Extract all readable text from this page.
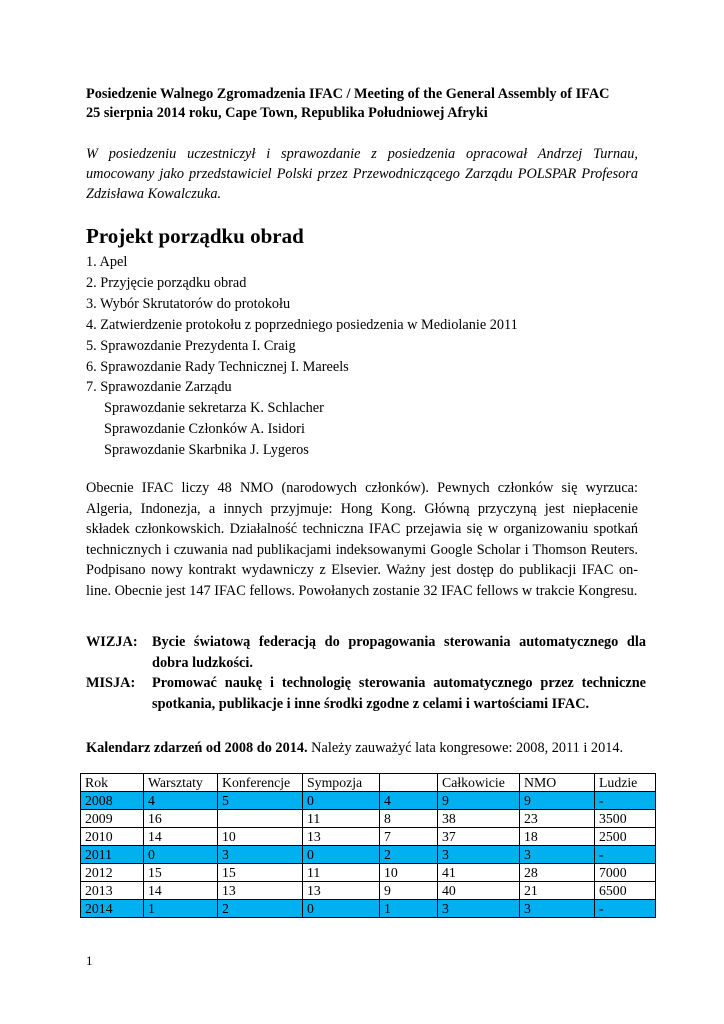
Posiedzenie Walnego Zgromadzenia IFAC / Meeting of the General Assembly of IFAC
25 sierpnia 2014 roku, Cape Town, Republika Południowej Afryki
W posiedzeniu uczestniczył i sprawozdanie z posiedzenia opracował Andrzej Turnau, umocowany jako przedstawiciel Polski przez Przewodniczącego Zarządu POLSPAR Profesora Zdzisława Kowalczuka.
Projekt porządku obrad
1. Apel
2. Przyjęcie porządku obrad
3. Wybór Skrutatorów do protokołu
4. Zatwierdzenie protokołu z poprzedniego posiedzenia w Mediolanie 2011
5. Sprawozdanie Prezydenta I. Craig
6. Sprawozdanie Rady Technicznej I. Mareels
7. Sprawozdanie Zarządu
Sprawozdanie sekretarza K. Schlacher
Sprawozdanie Członków A. Isidori
Sprawozdanie Skarbnika J. Lygeros

Obecnie IFAC liczy 48 NMO (narodowych członków). Pewnych członków się wyrzuca: Algeria, Indonezja, a innych przyjmuje: Hong Kong. Główną przyczyną jest niepłacenie składek członkowskich. Działalność techniczna IFAC przejawia się w organizowaniu spotkań technicznych i czuwania nad publikacjami indeksowanymi Google Scholar i Thomson Reuters. Podpisano nowy kontrakt wydawniczy z Elsevier. Ważny jest dostęp do publikacji IFAC on-line. Obecnie jest 147 IFAC fellows. Powołanych zostanie 32 IFAC fellows w trakcie Kongresu.

WIZJA:	Bycie światową federacją do propagowania sterowania automatycznego dla dobra ludzkości.
MISJA:	Promować naukę i technologię sterowania automatycznego przez techniczne spotkania, publikacje i inne środki zgodne z celami i wartościami IFAC.
Kalendarz zdarzeń od 2008 do 2014. Należy zauważyć lata kongresowe: 2008, 2011 i 2014.
Rok	Warsztaty	Konferencje	Sympozja		Całkowicie	NMO	Ludzie
2008	4	5	0	4	9	9	-
2009	16		11	8	38	23	3500
2010	14	10	13	7	37	18	2500
2011	0	3	0	2	3	3	-
2012	15	15	11	10	41	28	7000
2013	14	13	13	9	40	21	6500
2014	1	2	0	1	3	3	-
1
